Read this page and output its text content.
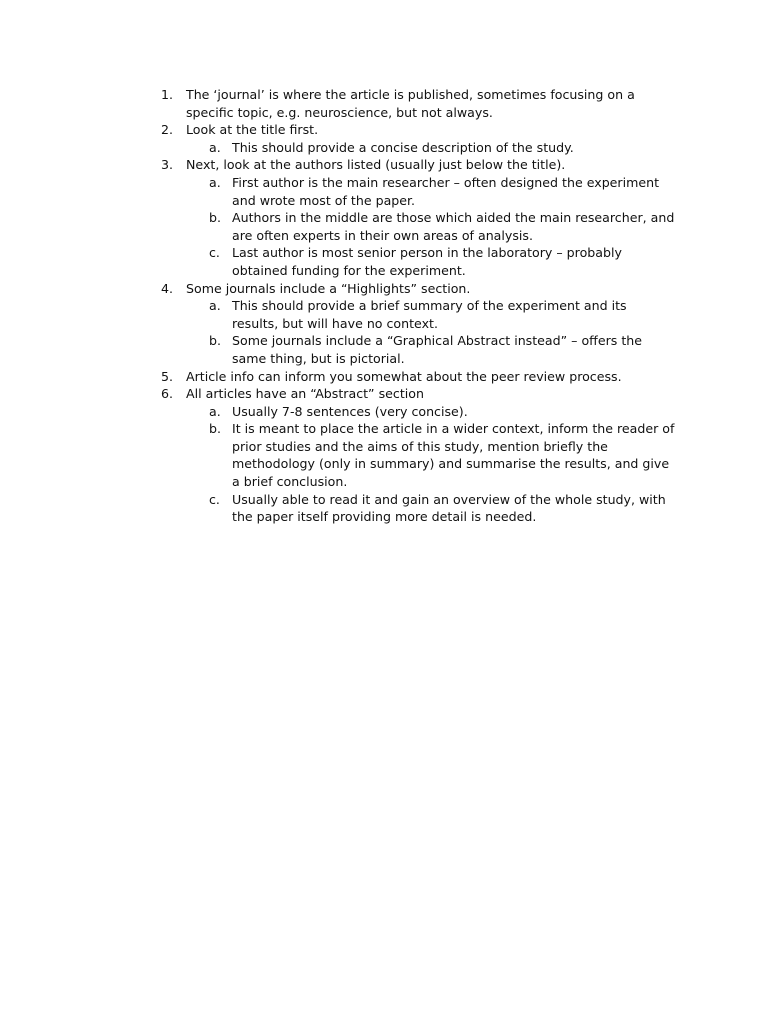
1. The ‘journal’ is where the article is published, sometimes focusing on a specific topic, e.g. neuroscience, but not always.
2. Look at the title first.
a. This should provide a concise description of the study.
3. Next, look at the authors listed (usually just below the title).
a. First author is the main researcher – often designed the experiment and wrote most of the paper.
b. Authors in the middle are those which aided the main researcher, and are often experts in their own areas of analysis.
c. Last author is most senior person in the laboratory – probably obtained funding for the experiment.
4. Some journals include a “Highlights” section.
a. This should provide a brief summary of the experiment and its results, but will have no context.
b. Some journals include a “Graphical Abstract instead” – offers the same thing, but is pictorial.
5. Article info can inform you somewhat about the peer review process.
6. All articles have an “Abstract” section
a. Usually 7-8 sentences (very concise).
b. It is meant to place the article in a wider context, inform the reader of prior studies and the aims of this study, mention briefly the methodology (only in summary) and summarise the results, and give a brief conclusion.
c. Usually able to read it and gain an overview of the whole study, with the paper itself providing more detail is needed.
